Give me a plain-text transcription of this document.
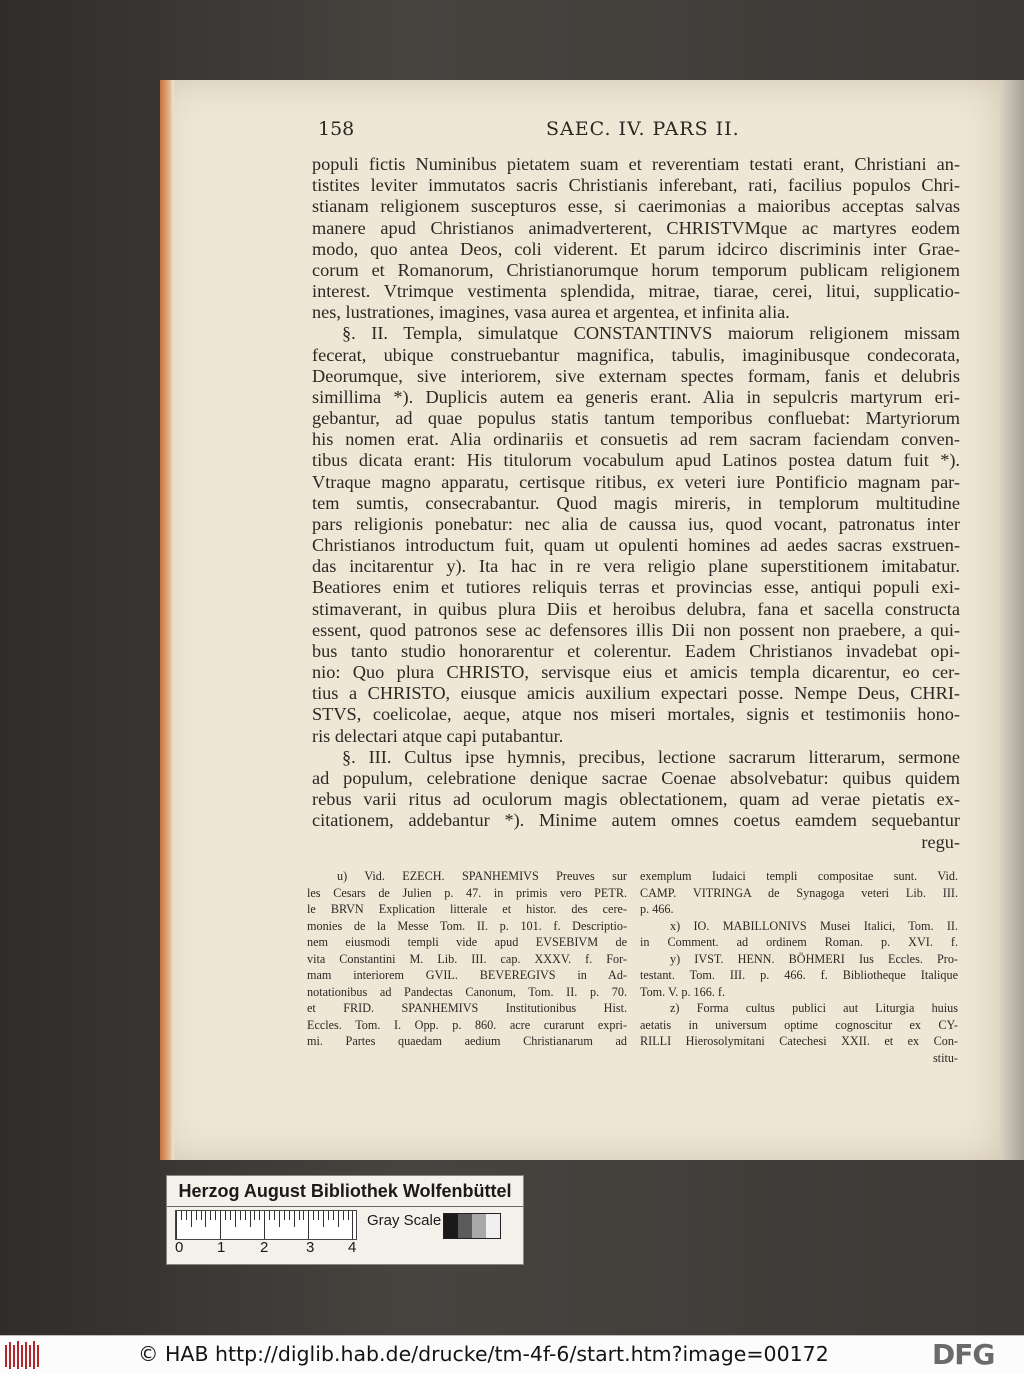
158	SAEC. IV. PARS II.
populi fictis Numinibus pietatem suam et reverentiam testati erant, Christiani an-
tistites leviter immutatos sacris Christianis inferebant, rati, facilius populos Chri-
stianam religionem suscepturos esse, si caerimonias a maioribus acceptas salvas
manere apud Christianos animadverterent, CHRISTVMque ac martyres eodem
modo, quo antea Deos, coli viderent. Et parum idcirco discriminis inter Grae-
corum et Romanorum, Christianorumque horum temporum publicam religionem
interest. Vtrimque vestimenta splendida, mitrae, tiarae, cerei, litui, supplicatio-
nes, lustrationes, imagines, vasa aurea et argentea, et infinita alia.
§. II. Templa, simulatque CONSTANTINVS maiorum religionem missam
fecerat, ubique construebantur magnifica, tabulis, imaginibusque condecorata,
Deorumque, sive interiorem, sive externam spectes formam, fanis et delubris
simillima *). Duplicis autem ea generis erant. Alia in sepulcris martyrum eri-
gebantur, ad quae populus statis tantum temporibus confluebat: Martyriorum
his nomen erat. Alia ordinariis et consuetis ad rem sacram faciendam conven-
tibus dicata erant: His titulorum vocabulum apud Latinos postea datum fuit *).
Vtraque magno apparatu, certisque ritibus, ex veteri iure Pontificio magnam par-
tem sumtis, consecrabantur. Quod magis mireris, in templorum multitudine
pars religionis ponebatur: nec alia de caussa ius, quod vocant, patronatus inter
Christianos introductum fuit, quam ut opulenti homines ad aedes sacras exstruen-
das incitarentur y). Ita hac in re vera religio plane superstitionem imitabatur.
Beatiores enim et tutiores reliquis terras et provincias esse, antiqui populi exi-
stimaverant, in quibus plura Diis et heroibus delubra, fana et sacella constructa
essent, quod patronos sese ac defensores illis Dii non possent non praebere, a qui-
bus tanto studio honorarentur et colerentur. Eadem Christianos invadebat opi-
nio: Quo plura CHRISTO, servisque eius et amicis templa dicarentur, eo cer-
tius a CHRISTO, eiusque amicis auxilium expectari posse. Nempe Deus, CHRI-
STVS, coelicolae, aeque, atque nos miseri mortales, signis et testimoniis hono-
ris delectari atque capi putabantur.
§. III. Cultus ipse hymnis, precibus, lectione sacrarum litterarum, sermone
ad populum, celebratione denique sacrae Coenae absolvebatur: quibus quidem
rebus varii ritus ad oculorum magis oblectationem, quam ad verae pietatis ex-
citationem, addebantur *). Minime autem omnes coetus eamdem sequebantur
regu-
u) Vid. EZECH. SPANHEMIVS Preuves sur
les Cesars de Julien p. 47. in primis vero PETR.
le BRVN Explication litterale et histor. des cere-
monies de la Messe Tom. II. p. 101. f. Descriptio-
nem eiusmodi templi vide apud EVSEBIVM de
vita Constantini M. Lib. III. cap. XXXV. f. For-
mam interiorem GVIL. BEVEREGIVS in Ad-
notationibus ad Pandectas Canonum, Tom. II. p. 70.
et FRID. SPANHEMIVS Institutionibus Hist.
Eccles. Tom. I. Opp. p. 860. acre curarunt expri-
mi. Partes quaedam aedium Christianarum ad
exemplum Iudaici templi compositae sunt. Vid.
CAMP. VITRINGA de Synagoga veteri Lib. III.
p. 466.
x) IO. MABILLONIVS Musei Italici, Tom. II.
in Comment. ad ordinem Roman. p. XVI. f.
y) IVST. HENN. BÖHMERI Ius Eccles. Pro-
testant. Tom. III. p. 466. f. Bibliotheque Italique
Tom. V. p. 166. f.
z) Forma cultus publici aut Liturgia huius
aetatis in universum optime cognoscitur ex CY-
RILLI Hierosolymitani Catechesi XXII. et ex Con-
stitu-
Herzog August Bibliothek Wolfenbüttel
0 1 2	3 4
Gray Scale
© HAB http://diglib.hab.de/drucke/tm-4f-6/start.htm?image=00172	DFG
